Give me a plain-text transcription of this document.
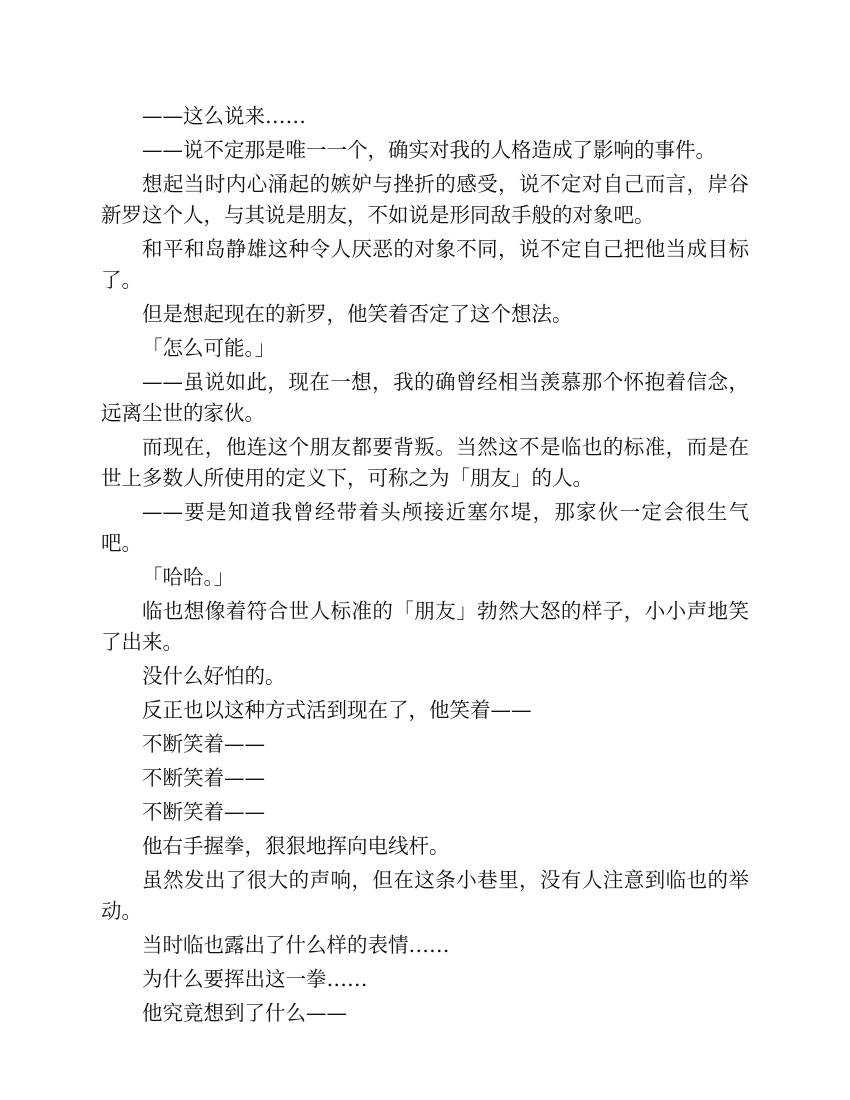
——这么说来……

——说不定那是唯一一个，确实对我的人格造成了影响的事件。

想起当时内心涌起的嫉妒与挫折的感受，说不定对自己而言，岸谷新罗这个人，与其说是朋友，不如说是形同敌手般的对象吧。

和平和岛静雄这种令人厌恶的对象不同，说不定自己把他当成目标了。

但是想起现在的新罗，他笑着否定了这个想法。

「怎么可能。」

——虽说如此，现在一想，我的确曾经相当羡慕那个怀抱着信念，远离尘世的家伙。

而现在，他连这个朋友都要背叛。当然这不是临也的标准，而是在世上多数人所使用的定义下，可称之为「朋友」的人。

——要是知道我曾经带着头颅接近塞尔堤，那家伙一定会很生气吧。

「哈哈。」

临也想像着符合世人标准的「朋友」勃然大怒的样子，小小声地笑了出来。

没什么好怕的。

反正也以这种方式活到现在了，他笑着——

不断笑着——

不断笑着——

不断笑着——

他右手握拳，狠狠地挥向电线杆。

虽然发出了很大的声响，但在这条小巷里，没有人注意到临也的举动。

当时临也露出了什么样的表情……

为什么要挥出这一拳……

他究竟想到了什么——
